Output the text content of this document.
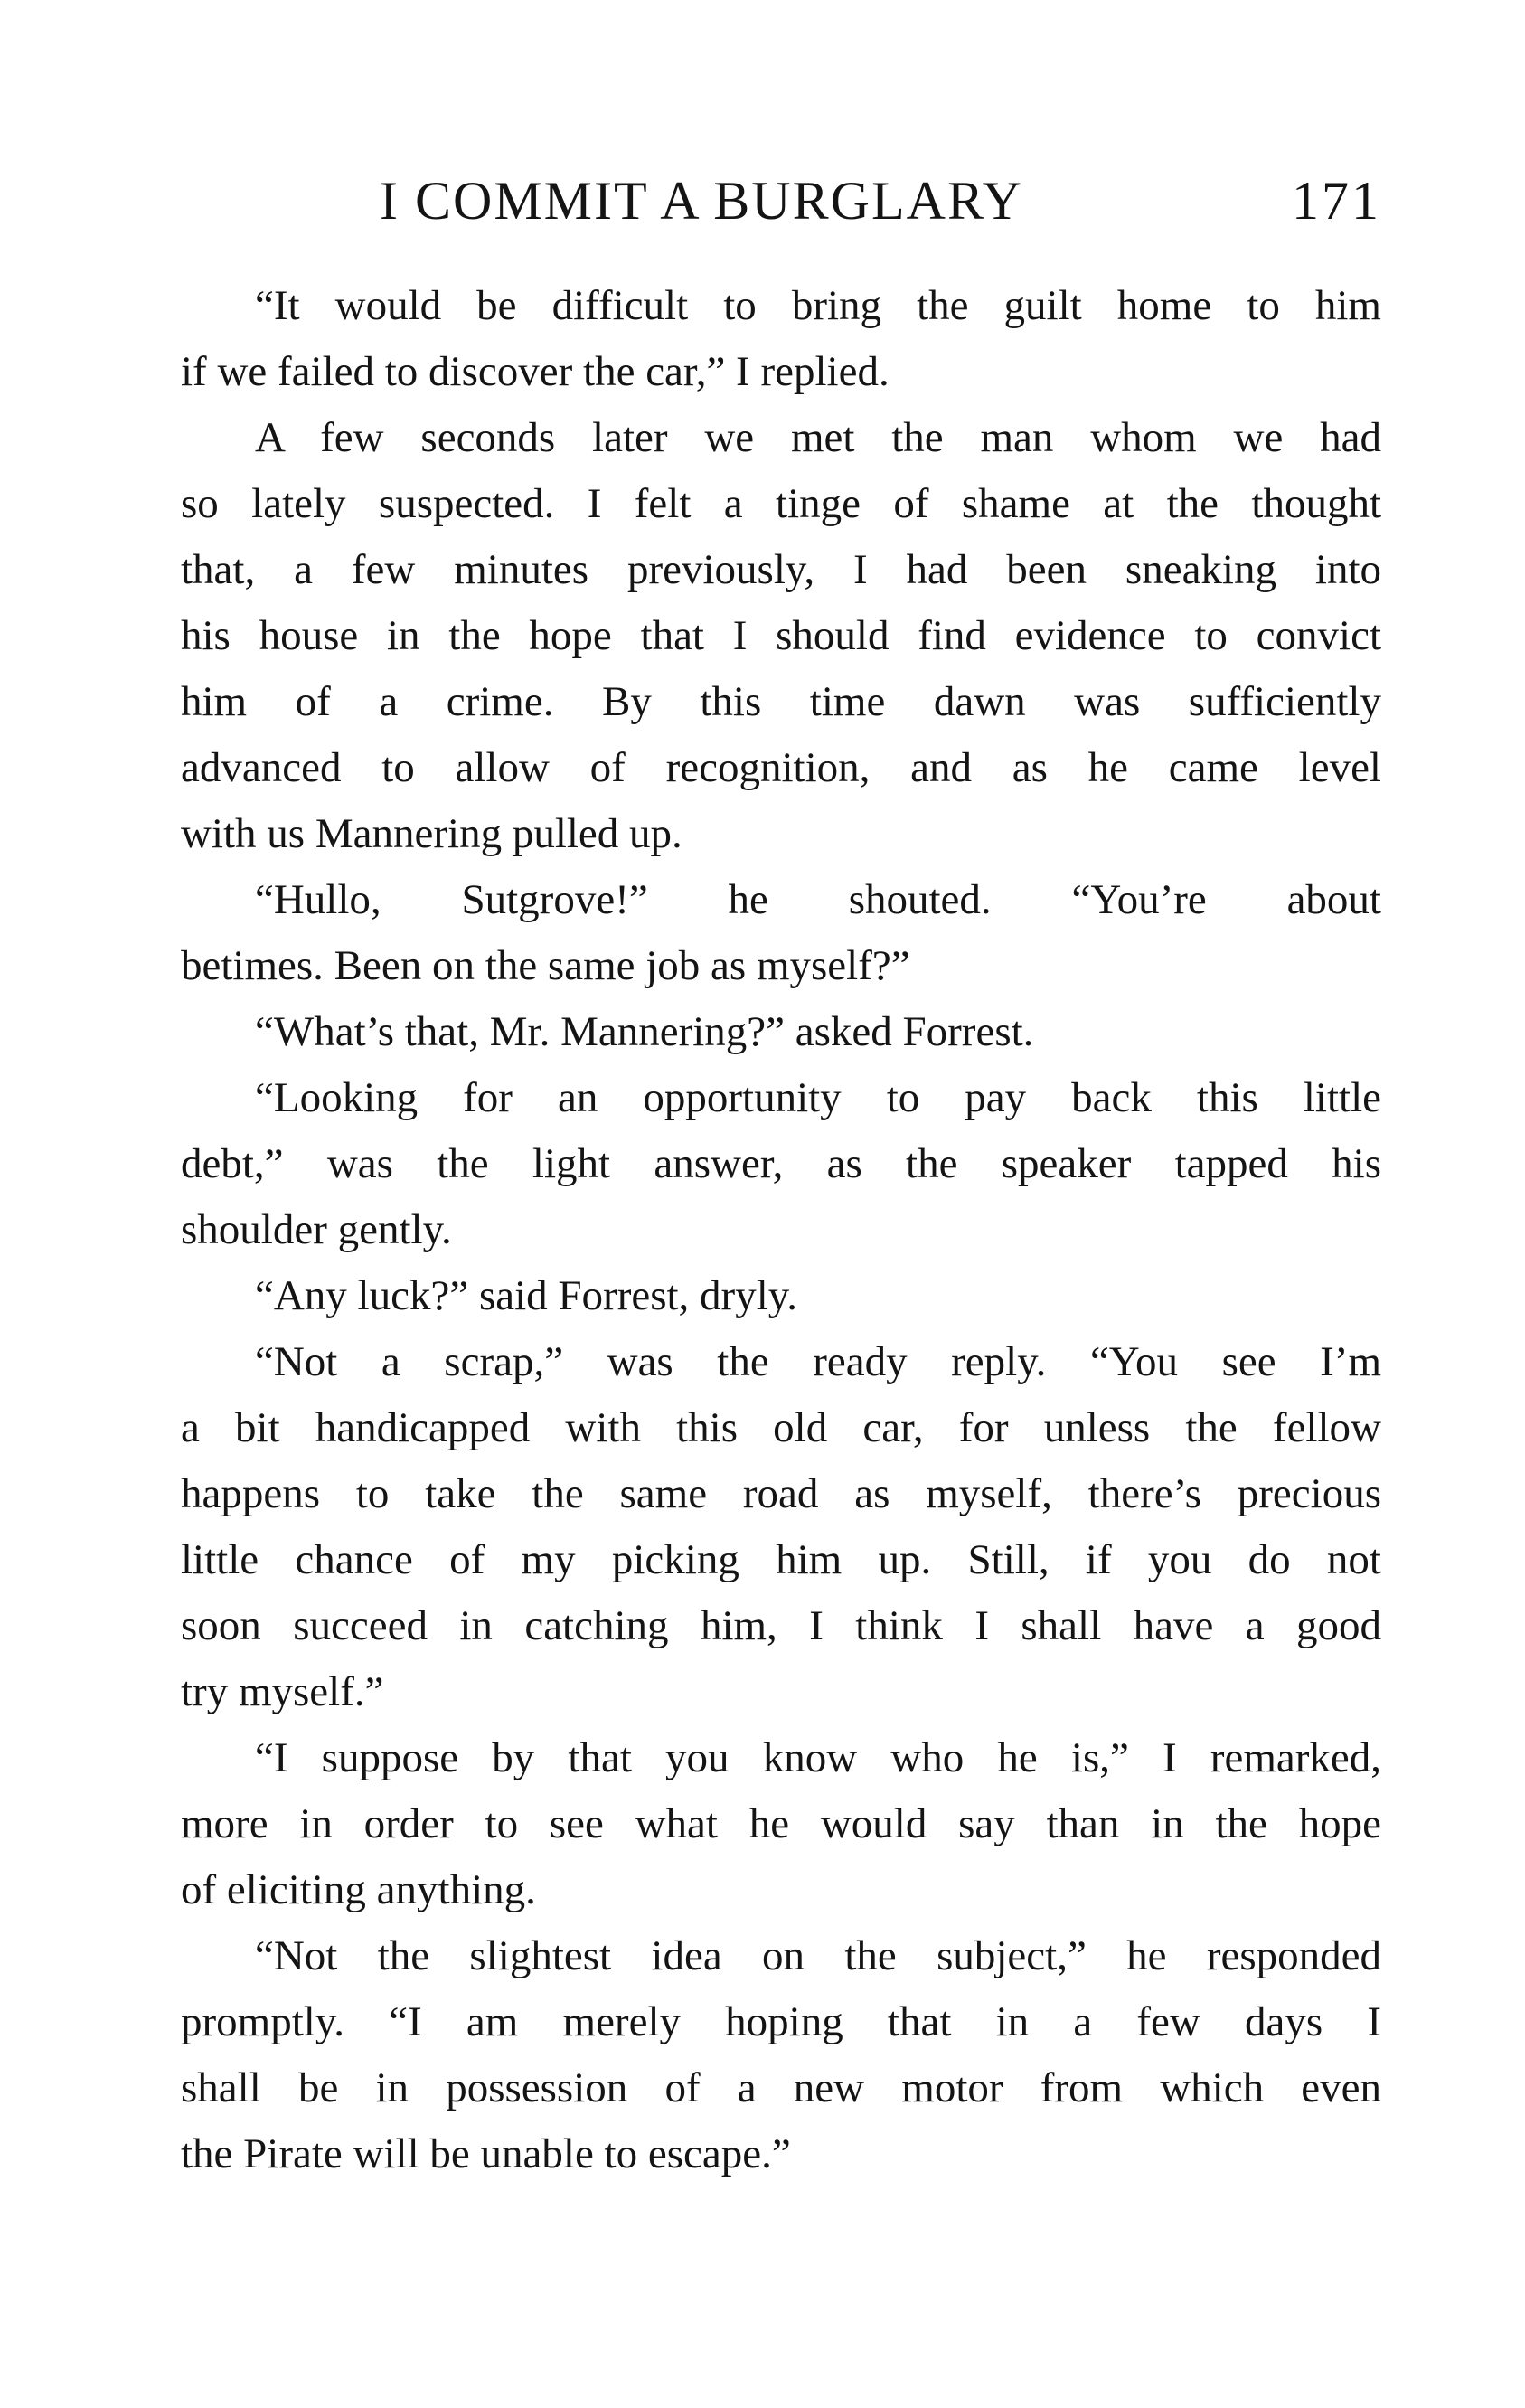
I COMMIT A BURGLARY	171
“It would be difficult to bring the guilt home to him
if we failed to discover the car,” I replied.
A few seconds later we met the man whom we had
so lately suspected. I felt a tinge of shame at the thought
that, a few minutes previously, I had been sneaking into
his house in the hope that I should find evidence to convict
him of a crime. By this time dawn was sufficiently
advanced to allow of recognition, and as he came level
with us Mannering pulled up.
“Hullo, Sutgrove!” he shouted. “You’re about
betimes. Been on the same job as myself?”
“What’s that, Mr. Mannering?” asked Forrest.
“Looking for an opportunity to pay back this little
debt,” was the light answer, as the speaker tapped his
shoulder gently.
“Any luck?” said Forrest, dryly.
“Not a scrap,” was the ready reply. “You see I’m
a bit handicapped with this old car, for unless the fellow
happens to take the same road as myself, there’s precious
little chance of my picking him up. Still, if you do not
soon succeed in catching him, I think I shall have a good
try myself.”
“I suppose by that you know who he is,” I remarked,
more in order to see what he would say than in the hope
of eliciting anything.
“Not the slightest idea on the subject,” he responded
promptly. “I am merely hoping that in a few days I
shall be in possession of a new motor from which even
the Pirate will be unable to escape.”
